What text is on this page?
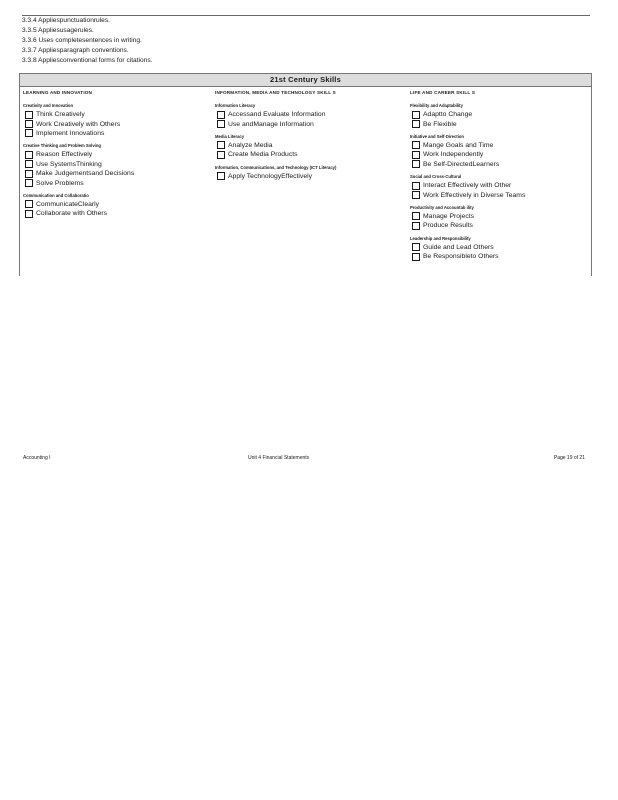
3.3.4 Appliespunctuationrules.
3.3.5 Appliesusagerules.
3.3.6 Uses completesentences in writing.
3.3.7 Appliesparagraph conventions.
3.3.8 Appliesconventional forms for citations.
21st Century Skills
LEARNING AND INNOVATION
Creativity and Innovation
Think Creatively
Work Creatively with Others
Implement Innovations
Creative Thinking and Problem Solving
Reason Effectively
Use SystemsThinking
Make Judgementsand Decisions
Solve Problems
Communication and Collaboratio
CommunicateClearly
Collaborate with Others
INFORMATION, MEDIA AND TECHNOLOGY SKILL S
Information Literacy
Accessand Evaluate Information
Use andManage Information
Media Literacy
Analyze Media
Create Media Products
Information, Communications, and Technology (ICT Literacy)
Apply TechnologyEffectively
LIFE AND CAREER SKILL S
Flexibility and Adaptability
Adaptto Change
Be Flexible
Initiative and Self-Direction
Mange Goals and Time
Work Independently
Be Self-DirectedLearners
Social and Cross-Cultural
Interact Effectively with Other
Work Effectively in Diverse Teams
Productivity and Accountab ility
Manage Projects
Produce Results
Leadership and Responsibility
Guide and Lead Others
Be Responsibleto Others
Accounting I	Unit 4 Financial Statements	Page 19 of 21
